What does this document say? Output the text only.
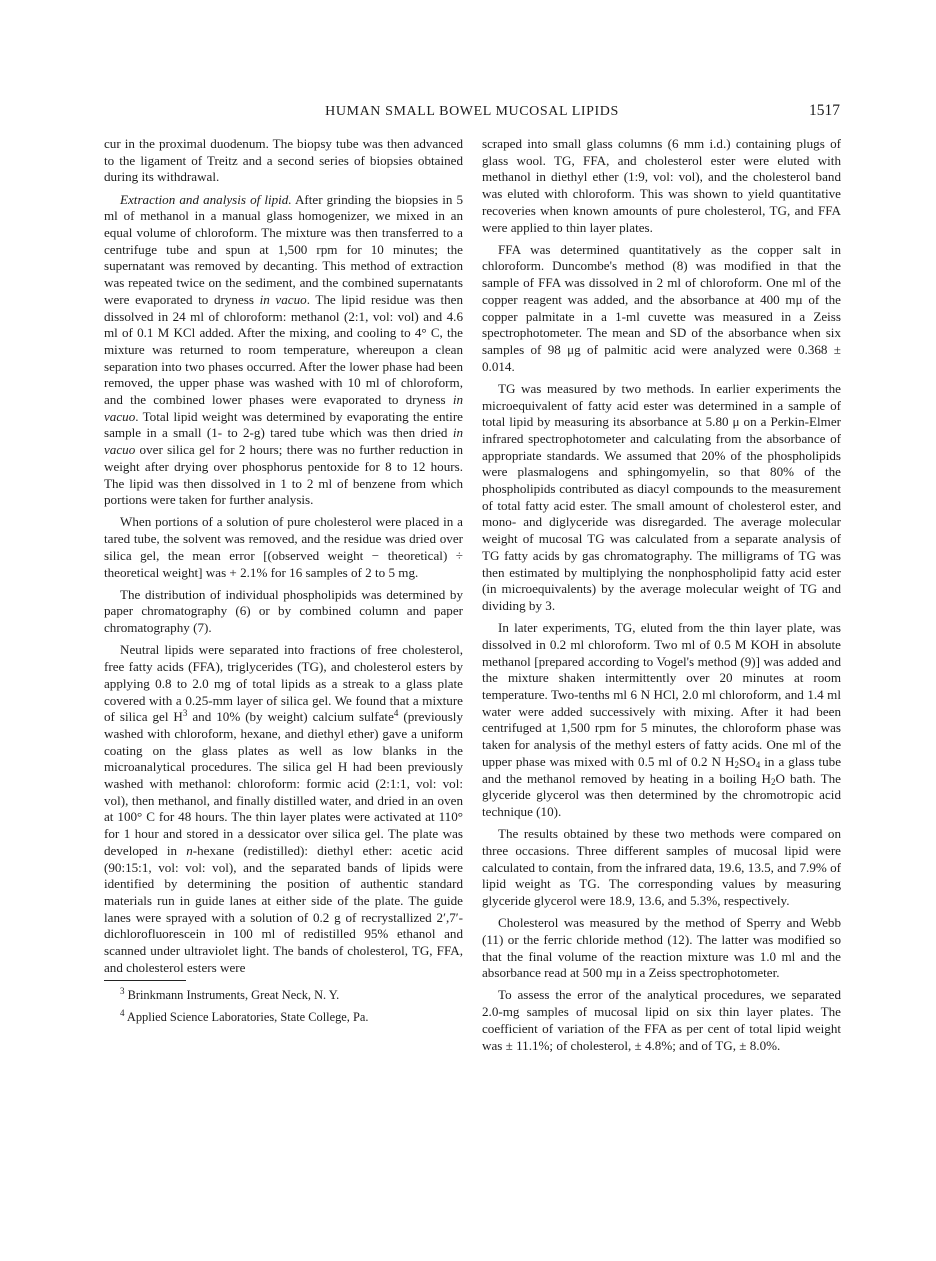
HUMAN SMALL BOWEL MUCOSAL LIPIDS	1517

cur in the proximal duodenum. The biopsy tube was then advanced to the ligament of Treitz and a second series of biopsies obtained during its withdrawal.

Extraction and analysis of lipid. After grinding the biopsies in 5 ml of methanol in a manual glass homogenizer, we mixed in an equal volume of chloroform. The mixture was then transferred to a centrifuge tube and spun at 1,500 rpm for 10 minutes; the supernatant was removed by decanting. This method of extraction was repeated twice on the sediment, and the combined supernatants were evaporated to dryness in vacuo. The lipid residue was then dissolved in 24 ml of chloroform: methanol (2:1, vol: vol) and 4.6 ml of 0.1 M KCl added. After the mixing, and cooling to 4° C, the mixture was returned to room temperature, whereupon a clean separation into two phases occurred. After the lower phase had been removed, the upper phase was washed with 10 ml of chloroform, and the combined lower phases were evaporated to dryness in vacuo. Total lipid weight was determined by evaporating the entire sample in a small (1- to 2-g) tared tube which was then dried in vacuo over silica gel for 2 hours; there was no further reduction in weight after drying over phosphorus pentoxide for 8 to 12 hours. The lipid was then dissolved in 1 to 2 ml of benzene from which portions were taken for further analysis.

When portions of a solution of pure cholesterol were placed in a tared tube, the solvent was removed, and the residue was dried over silica gel, the mean error [(observed weight − theoretical) ÷ theoretical weight] was + 2.1% for 16 samples of 2 to 5 mg.

The distribution of individual phospholipids was determined by paper chromatography (6) or by combined column and paper chromatography (7).

Neutral lipids were separated into fractions of free cholesterol, free fatty acids (FFA), triglycerides (TG), and cholesterol esters by applying 0.8 to 2.0 mg of total lipids as a streak to a glass plate covered with a 0.25-mm layer of silica gel. We found that a mixture of silica gel $H^3$ and 10% (by weight) calcium sulfate$^4$ (previously washed with chloroform, hexane, and diethyl ether) gave a uniform coating on the glass plates as well as low blanks in the microanalytical procedures. The silica gel H had been previously washed with methanol: chloroform: formic acid (2:1:1, vol: vol: vol), then methanol, and finally distilled water, and dried in an oven at 100° C for 48 hours. The thin layer plates were activated at 110° for 1 hour and stored in a dessicator over silica gel. The plate was developed in n-hexane (redistilled): diethyl ether: acetic acid (90:15:1, vol: vol: vol), and the separated bands of lipids were identified by determining the position of authentic standard materials run in guide lanes at either side of the plate. The guide lanes were sprayed with a solution of 0.2 g of recrystallized 2′,7′-dichlorofluorescein in 100 ml of redistilled 95% ethanol and scanned under ultraviolet light. The bands of cholesterol, TG, FFA, and cholesterol esters were

$^3$ Brinkmann Instruments, Great Neck, N. Y.

$^4$ Applied Science Laboratories, State College, Pa.

scraped into small glass columns (6 mm i.d.) containing plugs of glass wool. TG, FFA, and cholesterol ester were eluted with methanol in diethyl ether (1:9, vol: vol), and the cholesterol band was eluted with chloroform. This was shown to yield quantitative recoveries when known amounts of pure cholesterol, TG, and FFA were applied to thin layer plates.

FFA was determined quantitatively as the copper salt in chloroform. Duncombe's method (8) was modified in that the sample of FFA was dissolved in 2 ml of chloroform. One ml of the copper reagent was added, and the absorbance at 400 mμ of the copper palmitate in a 1-ml cuvette was measured in a Zeiss spectrophotometer. The mean and SD of the absorbance when six samples of 98 μg of palmitic acid were analyzed were 0.368 ± 0.014.

TG was measured by two methods. In earlier experiments the microequivalent of fatty acid ester was determined in a sample of total lipid by measuring its absorbance at 5.80 μ on a Perkin-Elmer infrared spectrophotometer and calculating from the absorbance of appropriate standards. We assumed that 20% of the phospholipids were plasmalogens and sphingomyelin, so that 80% of the phospholipids contributed as diacyl compounds to the measurement of total fatty acid ester. The small amount of cholesterol ester, and mono- and diglyceride was disregarded. The average molecular weight of mucosal TG was calculated from a separate analysis of TG fatty acids by gas chromatography. The milligrams of TG was then estimated by multiplying the nonphospholipid fatty acid ester (in microequivalents) by the average molecular weight of TG and dividing by 3.

In later experiments, TG, eluted from the thin layer plate, was dissolved in 0.2 ml chloroform. Two ml of 0.5 M KOH in absolute methanol [prepared according to Vogel's method (9)] was added and the mixture shaken intermittently over 20 minutes at room temperature. Two-tenths ml 6 N HCl, 2.0 ml chloroform, and 1.4 ml water were added successively with mixing. After it had been centrifuged at 1,500 rpm for 5 minutes, the chloroform phase was taken for analysis of the methyl esters of fatty acids. One ml of the upper phase was mixed with 0.5 ml of 0.2 N $H_2SO_4$ in a glass tube and the methanol removed by heating in a boiling $H_2O$ bath. The glyceride glycerol was then determined by the chromotropic acid technique (10).

The results obtained by these two methods were compared on three occasions. Three different samples of mucosal lipid were calculated to contain, from the infrared data, 19.6, 13.5, and 7.9% of lipid weight as TG. The corresponding values by measuring glyceride glycerol were 18.9, 13.6, and 5.3%, respectively.

Cholesterol was measured by the method of Sperry and Webb (11) or the ferric chloride method (12). The latter was modified so that the final volume of the reaction mixture was 1.0 ml and the absorbance read at 500 mμ in a Zeiss spectrophotometer.

To assess the error of the analytical procedures, we separated 2.0-mg samples of mucosal lipid on six thin layer plates. The coefficient of variation of the FFA as per cent of total lipid weight was ± 11.1%; of cholesterol, ± 4.8%; and of TG, ± 8.0%.
